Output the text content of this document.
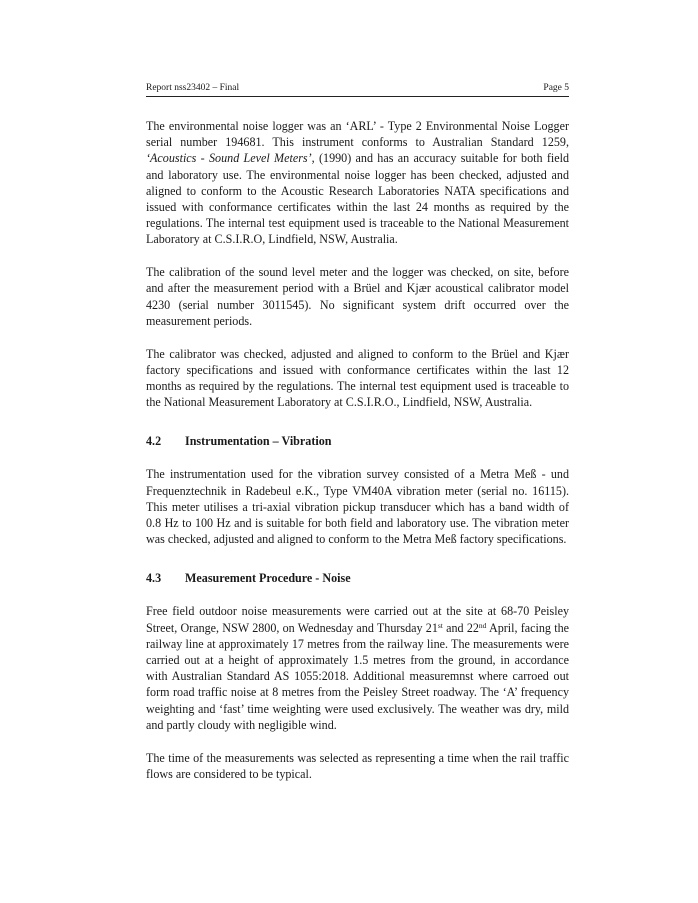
Report nss23402 – Final	Page 5

The environmental noise logger was an ‘ARL’ - Type 2 Environmental Noise Logger serial number 194681. This instrument conforms to Australian Standard 1259, ‘Acoustics - Sound Level Meters’, (1990) and has an accuracy suitable for both field and laboratory use. The environmental noise logger has been checked, adjusted and aligned to conform to the Acoustic Research Laboratories NATA specifications and issued with conformance certificates within the last 24 months as required by the regulations. The internal test equipment used is traceable to the National Measurement Laboratory at C.S.I.R.O, Lindfield, NSW, Australia.

The calibration of the sound level meter and the logger was checked, on site, before and after the measurement period with a Brüel and Kjær acoustical calibrator model 4230 (serial number 3011545). No significant system drift occurred over the measurement periods.

The calibrator was checked, adjusted and aligned to conform to the Brüel and Kjær factory specifications and issued with conformance certificates within the last 12 months as required by the regulations. The internal test equipment used is traceable to the National Measurement Laboratory at C.S.I.R.O., Lindfield, NSW, Australia.

4.2	Instrumentation – Vibration

The instrumentation used for the vibration survey consisted of a Metra Meß - und Frequenztechnik in Radebeul e.K., Type VM40A vibration meter (serial no. 16115). This meter utilises a tri-axial vibration pickup transducer which has a band width of 0.8 Hz to 100 Hz and is suitable for both field and laboratory use. The vibration meter was checked, adjusted and aligned to conform to the Metra Meß factory specifications.

4.3	Measurement Procedure - Noise

Free field outdoor noise measurements were carried out at the site at 68-70 Peisley Street, Orange, NSW 2800, on Wednesday and Thursday 21st and 22nd April, facing the railway line at approximately 17 metres from the railway line. The measurements were carried out at a height of approximately 1.5 metres from the ground, in accordance with Australian Standard AS 1055:2018. Additional measuremnst where carroed out form road traffic noise at 8 metres from the Peisley Street roadway. The ‘A’ frequency weighting and ‘fast’ time weighting were used exclusively. The weather was dry, mild and partly cloudy with negligible wind.

The time of the measurements was selected as representing a time when the rail traffic flows are considered to be typical.
